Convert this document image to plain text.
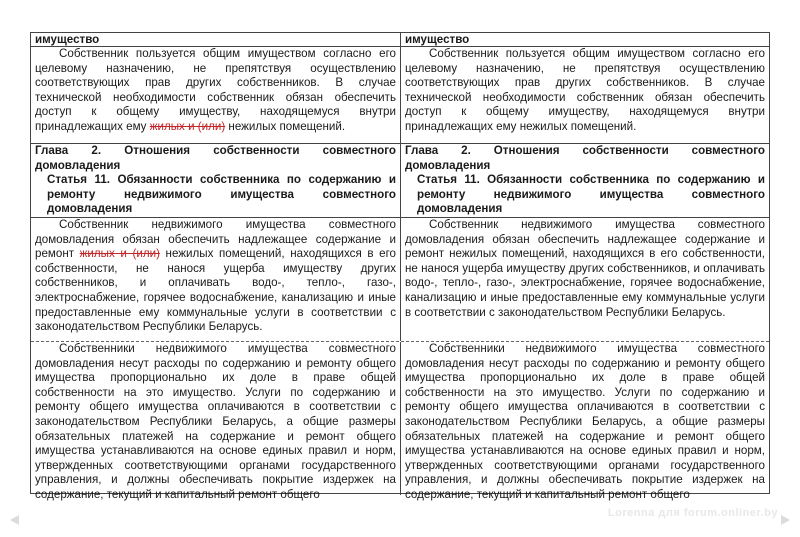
имущество	имущество
Собственник пользуется общим имуществом согласно его целевому назначению, не препятствуя осуществлению соответствующих прав других собственников. В случае технической необходимости собственник обязан обеспечить доступ к общему имуществу, находящемуся внутри принадлежащих ему жилых и (или) нежилых помещений.
Собственник пользуется общим имуществом согласно его целевому назначению, не препятствуя осуществлению соответствующих прав других собственников. В случае технической необходимости собственник обязан обеспечить доступ к общему имуществу, находящемуся внутри принадлежащих ему нежилых помещений.
Глава 2. Отношения собственности совместного домовладения
Статья 11. Обязанности собственника по содержанию и ремонту недвижимого имущества совместного домовладения
Глава 2. Отношения собственности совместного домовладения
Статья 11. Обязанности собственника по содержанию и ремонту недвижимого имущества совместного домовладения
Собственник недвижимого имущества совместного домовладения обязан обеспечить надлежащее содержание и ремонт жилых и (или) нежилых помещений, находящихся в его собственности, не нанося ущерба имуществу других собственников, и оплачивать водо-, тепло-, газо-, электроснабжение, горячее водоснабжение, канализацию и иные предоставленные ему коммунальные услуги в соответствии с законодательством Республики Беларусь.
Собственник недвижимого имущества совместного домовладения обязан обеспечить надлежащее содержание и ремонт нежилых помещений, находящихся в его собственности, не нанося ущерба имуществу других собственников, и оплачивать водо-, тепло-, газо-, электроснабжение, горячее водоснабжение, канализацию и иные предоставленные ему коммунальные услуги в соответствии с законодательством Республики Беларусь.
Собственники недвижимого имущества совместного домовладения несут расходы по содержанию и ремонту общего имущества пропорционально их доле в праве общей собственности на это имущество. Услуги по содержанию и ремонту общего имущества оплачиваются в соответствии с законодательством Республики Беларусь, а общие размеры обязательных платежей на содержание и ремонт общего имущества устанавливаются на основе единых правил и норм, утвержденных соответствующими органами государственного управления, и должны обеспечивать покрытие издержек на содержание, текущий и капитальный ремонт общего
Собственники недвижимого имущества совместного домовладения несут расходы по содержанию и ремонту общего имущества пропорционально их доле в праве общей собственности на это имущество. Услуги по содержанию и ремонту общего имущества оплачиваются в соответствии с законодательством Республики Беларусь, а общие размеры обязательных платежей на содержание и ремонт общего имущества устанавливаются на основе единых правил и норм, утвержденных соответствующими органами государственного управления, и должны обеспечивать покрытие издержек на содержание, текущий и капитальный ремонт общего
Lorenna для forum.onliner.by
